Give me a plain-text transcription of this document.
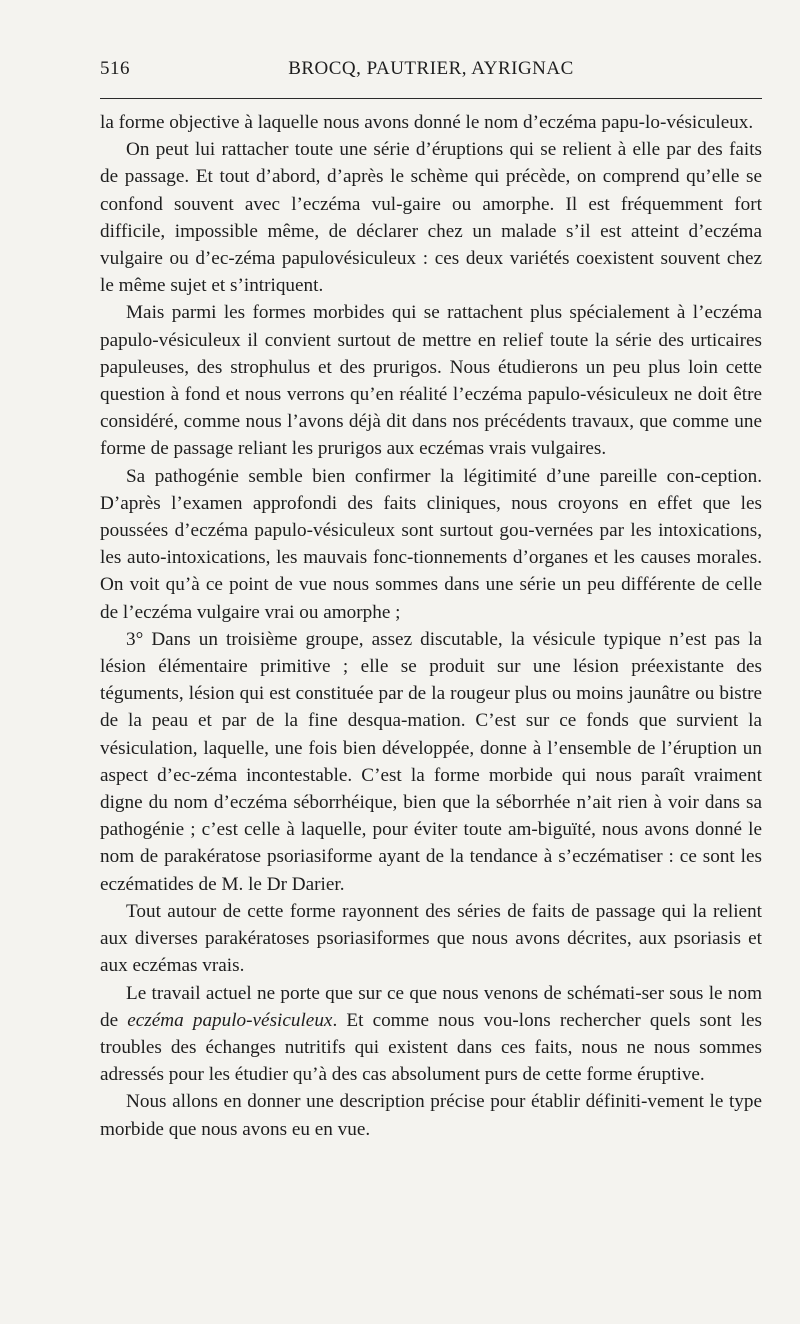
516	BROCQ, PAUTRIER, AYRIGNAC

la forme objective à laquelle nous avons donné le nom d’eczéma papu-lo-vésiculeux.

On peut lui rattacher toute une série d’éruptions qui se relient à elle par des faits de passage. Et tout d’abord, d’après le schème qui précède, on comprend qu’elle se confond souvent avec l’eczéma vul-gaire ou amorphe. Il est fréquemment fort difficile, impossible même, de déclarer chez un malade s’il est atteint d’eczéma vulgaire ou d’ec-zéma papulovésiculeux : ces deux variétés coexistent souvent chez le même sujet et s’intriquent.

Mais parmi les formes morbides qui se rattachent plus spécialement à l’eczéma papulo-vésiculeux il convient surtout de mettre en relief toute la série des urticaires papuleuses, des strophulus et des prurigos. Nous étudierons un peu plus loin cette question à fond et nous verrons qu’en réalité l’eczéma papulo-vésiculeux ne doit être considéré, comme nous l’avons déjà dit dans nos précédents travaux, que comme une forme de passage reliant les prurigos aux eczémas vrais vulgaires.

Sa pathogénie semble bien confirmer la légitimité d’une pareille con-ception. D’après l’examen approfondi des faits cliniques, nous croyons en effet que les poussées d’eczéma papulo-vésiculeux sont surtout gou-vernées par les intoxications, les auto-intoxications, les mauvais fonc-tionnements d’organes et les causes morales. On voit qu’à ce point de vue nous sommes dans une série un peu différente de celle de l’eczéma vulgaire vrai ou amorphe ;

3° Dans un troisième groupe, assez discutable, la vésicule typique n’est pas la lésion élémentaire primitive ; elle se produit sur une lésion préexistante des téguments, lésion qui est constituée par de la rougeur plus ou moins jaunâtre ou bistre de la peau et par de la fine desqua-mation. C’est sur ce fonds que survient la vésiculation, laquelle, une fois bien développée, donne à l’ensemble de l’éruption un aspect d’ec-zéma incontestable. C’est la forme morbide qui nous paraît vraiment digne du nom d’eczéma séborrhéique, bien que la séborrhée n’ait rien à voir dans sa pathogénie ; c’est celle à laquelle, pour éviter toute am-biguïté, nous avons donné le nom de parakératose psoriasiforme ayant de la tendance à s’eczématiser : ce sont les eczématides de M. le Dr Darier.

Tout autour de cette forme rayonnent des séries de faits de passage qui la relient aux diverses parakératoses psoriasiformes que nous avons décrites, aux psoriasis et aux eczémas vrais.

Le travail actuel ne porte que sur ce que nous venons de schémati-ser sous le nom de eczéma papulo-vésiculeux. Et comme nous vou-lons rechercher quels sont les troubles des échanges nutritifs qui existent dans ces faits, nous ne nous sommes adressés pour les étudier qu’à des cas absolument purs de cette forme éruptive.

Nous allons en donner une description précise pour établir définiti-vement le type morbide que nous avons eu en vue.
